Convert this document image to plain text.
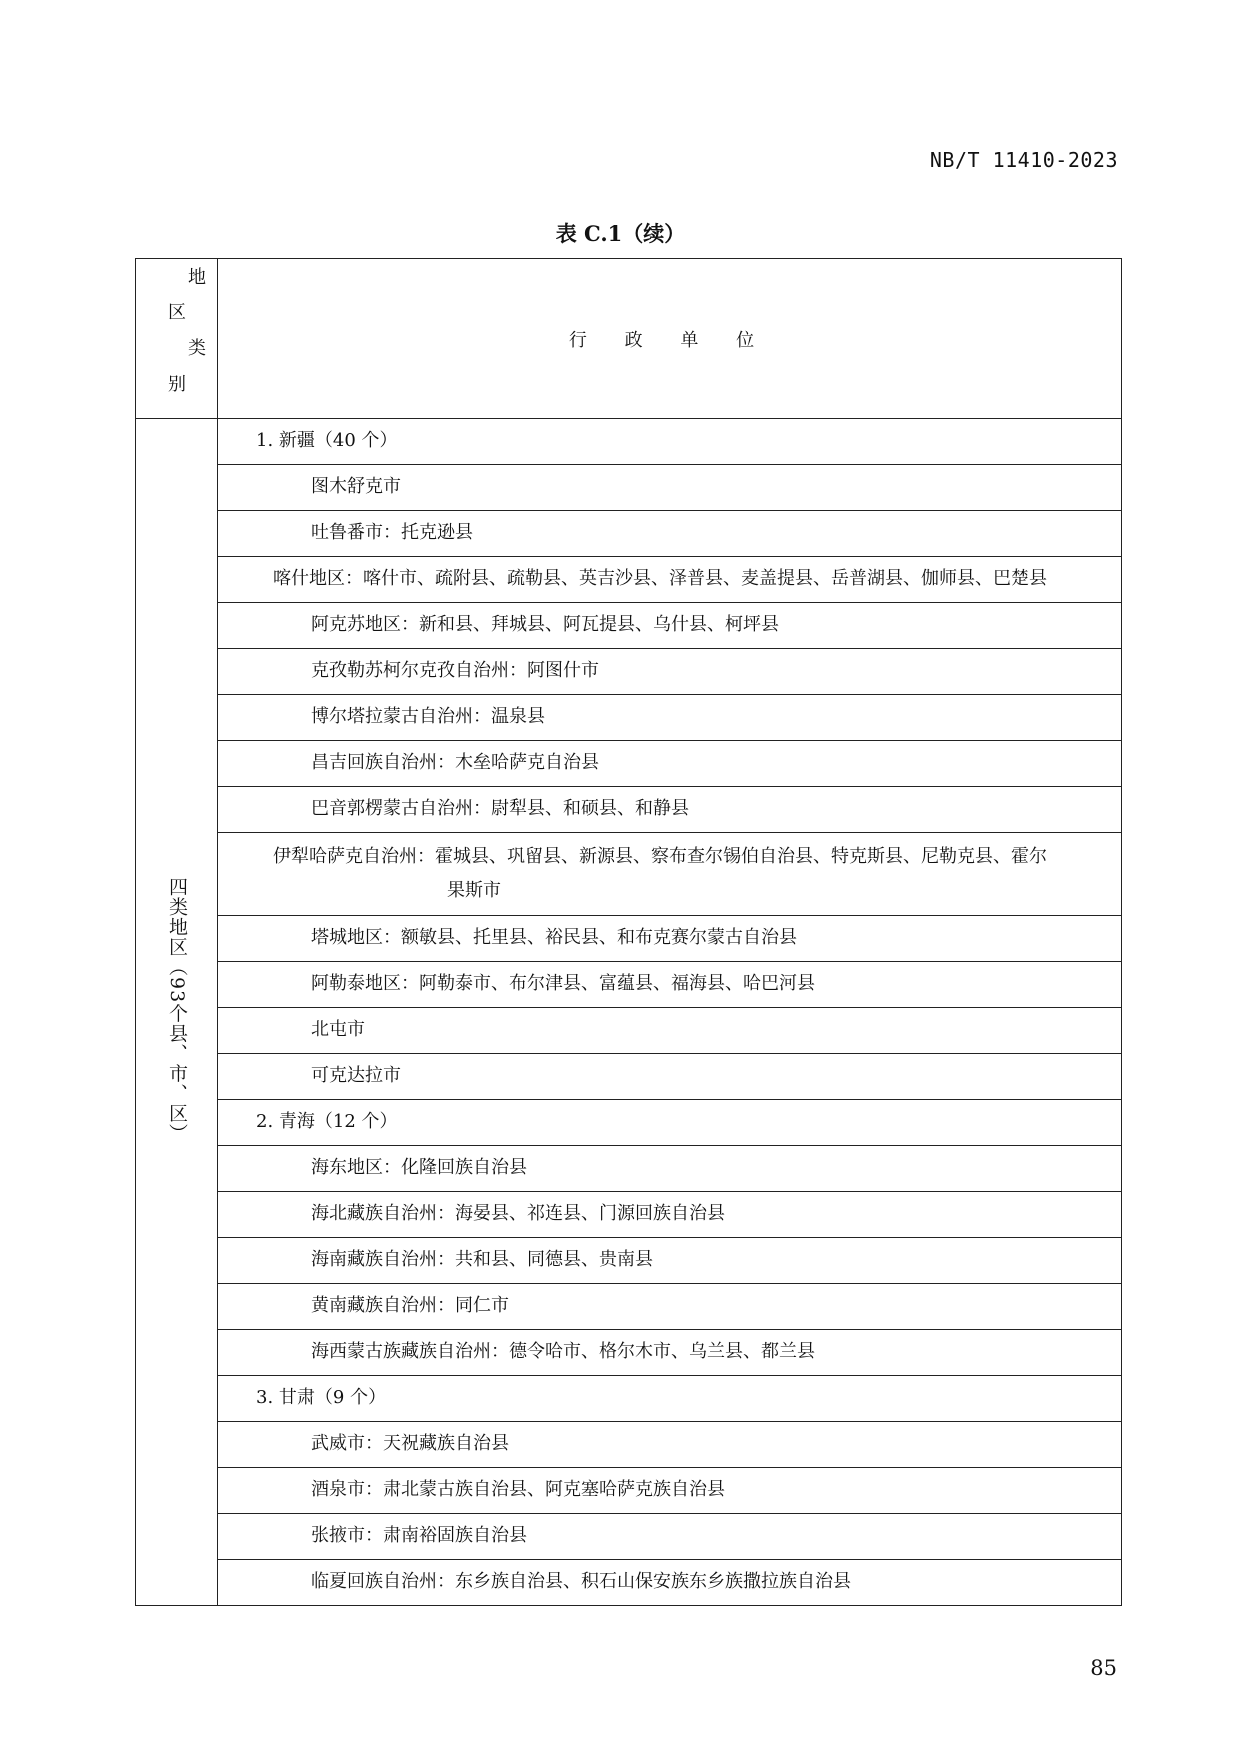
NB/T 11410-2023
表 C.1（续）
地
区
类
别	行 政 单 位
四类地区（93个县、市、区）	1. 新疆（40 个）
	图木舒克市
	吐鲁番市：托克逊县
	喀什地区：喀什市、疏附县、疏勒县、英吉沙县、泽普县、麦盖提县、岳普湖县、伽师县、巴楚县
	阿克苏地区：新和县、拜城县、阿瓦提县、乌什县、柯坪县
	克孜勒苏柯尔克孜自治州：阿图什市
	博尔塔拉蒙古自治州：温泉县
	昌吉回族自治州：木垒哈萨克自治县
	巴音郭楞蒙古自治州：尉犁县、和硕县、和静县
	伊犁哈萨克自治州：霍城县、巩留县、新源县、察布查尔锡伯自治县、特克斯县、尼勒克县、霍尔
果斯市

	塔城地区：额敏县、托里县、裕民县、和布克赛尔蒙古自治县
	阿勒泰地区：阿勒泰市、布尔津县、富蕴县、福海县、哈巴河县
	北屯市
	可克达拉市
	2. 青海（12 个）
	海东地区：化隆回族自治县
	海北藏族自治州：海晏县、祁连县、门源回族自治县
	海南藏族自治州：共和县、同德县、贵南县
	黄南藏族自治州：同仁市
	海西蒙古族藏族自治州：德令哈市、格尔木市、乌兰县、都兰县
	3. 甘肃（9 个）
	武威市：天祝藏族自治县
	酒泉市：肃北蒙古族自治县、阿克塞哈萨克族自治县
	张掖市：肃南裕固族自治县
	临夏回族自治州：东乡族自治县、积石山保安族东乡族撒拉族自治县
85
